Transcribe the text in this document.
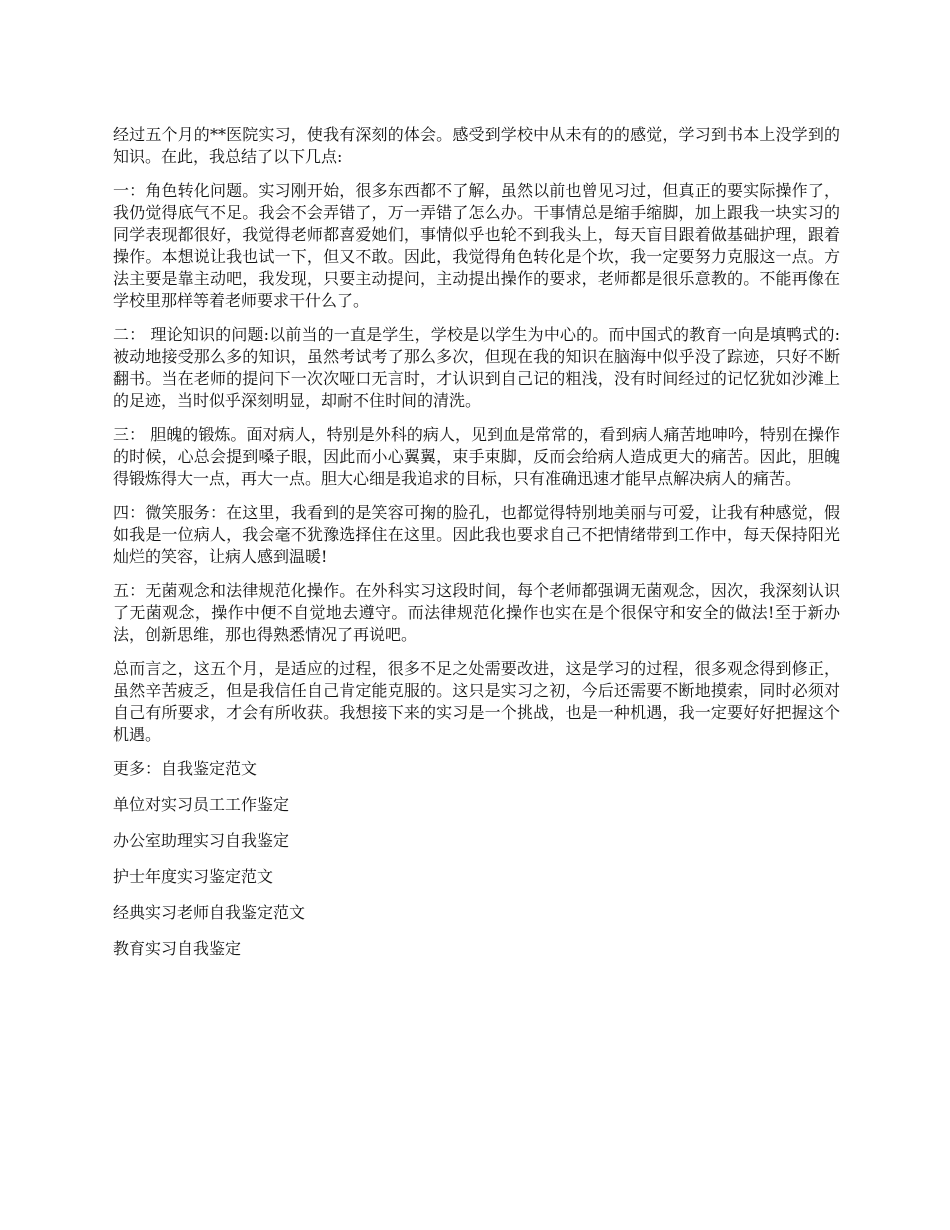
经过五个月的**医院实习，使我有深刻的体会。感受到学校中从未有的的感觉，学习到书本上没学到的知识。在此，我总结了以下几点:

一：角色转化问题。实习刚开始，很多东西都不了解，虽然以前也曾见习过，但真正的要实际操作了，我仍觉得底气不足。我会不会弄错了，万一弄错了怎么办。干事情总是缩手缩脚，加上跟我一块实习的同学表现都很好，我觉得老师都喜爱她们，事情似乎也轮不到我头上，每天盲目跟着做基础护理，跟着操作。本想说让我也试一下，但又不敢。因此，我觉得角色转化是个坎，我一定要努力克服这一点。方法主要是靠主动吧，我发现，只要主动提问，主动提出操作的要求，老师都是很乐意教的。不能再像在学校里那样等着老师要求干什么了。

二： 理论知识的问题:以前当的一直是学生，学校是以学生为中心的。而中国式的教育一向是填鸭式的:被动地接受那么多的知识，虽然考试考了那么多次，但现在我的知识在脑海中似乎没了踪迹，只好不断翻书。当在老师的提问下一次次哑口无言时，才认识到自己记的粗浅，没有时间经过的记忆犹如沙滩上的足迹，当时似乎深刻明显，却耐不住时间的清洗。

三： 胆魄的锻炼。面对病人，特别是外科的病人，见到血是常常的，看到病人痛苦地呻吟，特别在操作的时候，心总会提到嗓子眼，因此而小心翼翼，束手束脚，反而会给病人造成更大的痛苦。因此，胆魄得锻炼得大一点，再大一点。胆大心细是我追求的目标，只有准确迅速才能早点解决病人的痛苦。

四：微笑服务：在这里，我看到的是笑容可掬的脸孔，也都觉得特别地美丽与可爱，让我有种感觉，假如我是一位病人，我会毫不犹豫选择住在这里。因此我也要求自己不把情绪带到工作中，每天保持阳光灿烂的笑容，让病人感到温暖!

五：无菌观念和法律规范化操作。在外科实习这段时间，每个老师都强调无菌观念，因次，我深刻认识了无菌观念，操作中便不自觉地去遵守。而法律规范化操作也实在是个很保守和安全的做法!至于新办法，创新思维，那也得熟悉情况了再说吧。

总而言之，这五个月，是适应的过程，很多不足之处需要改进，这是学习的过程，很多观念得到修正，虽然辛苦疲乏，但是我信任自己肯定能克服的。这只是实习之初，今后还需要不断地摸索，同时必须对自己有所要求，才会有所收获。我想接下来的实习是一个挑战，也是一种机遇，我一定要好好把握这个机遇。

更多：自我鉴定范文
单位对实习员工工作鉴定
办公室助理实习自我鉴定
护士年度实习鉴定范文
经典实习老师自我鉴定范文
教育实习自我鉴定
